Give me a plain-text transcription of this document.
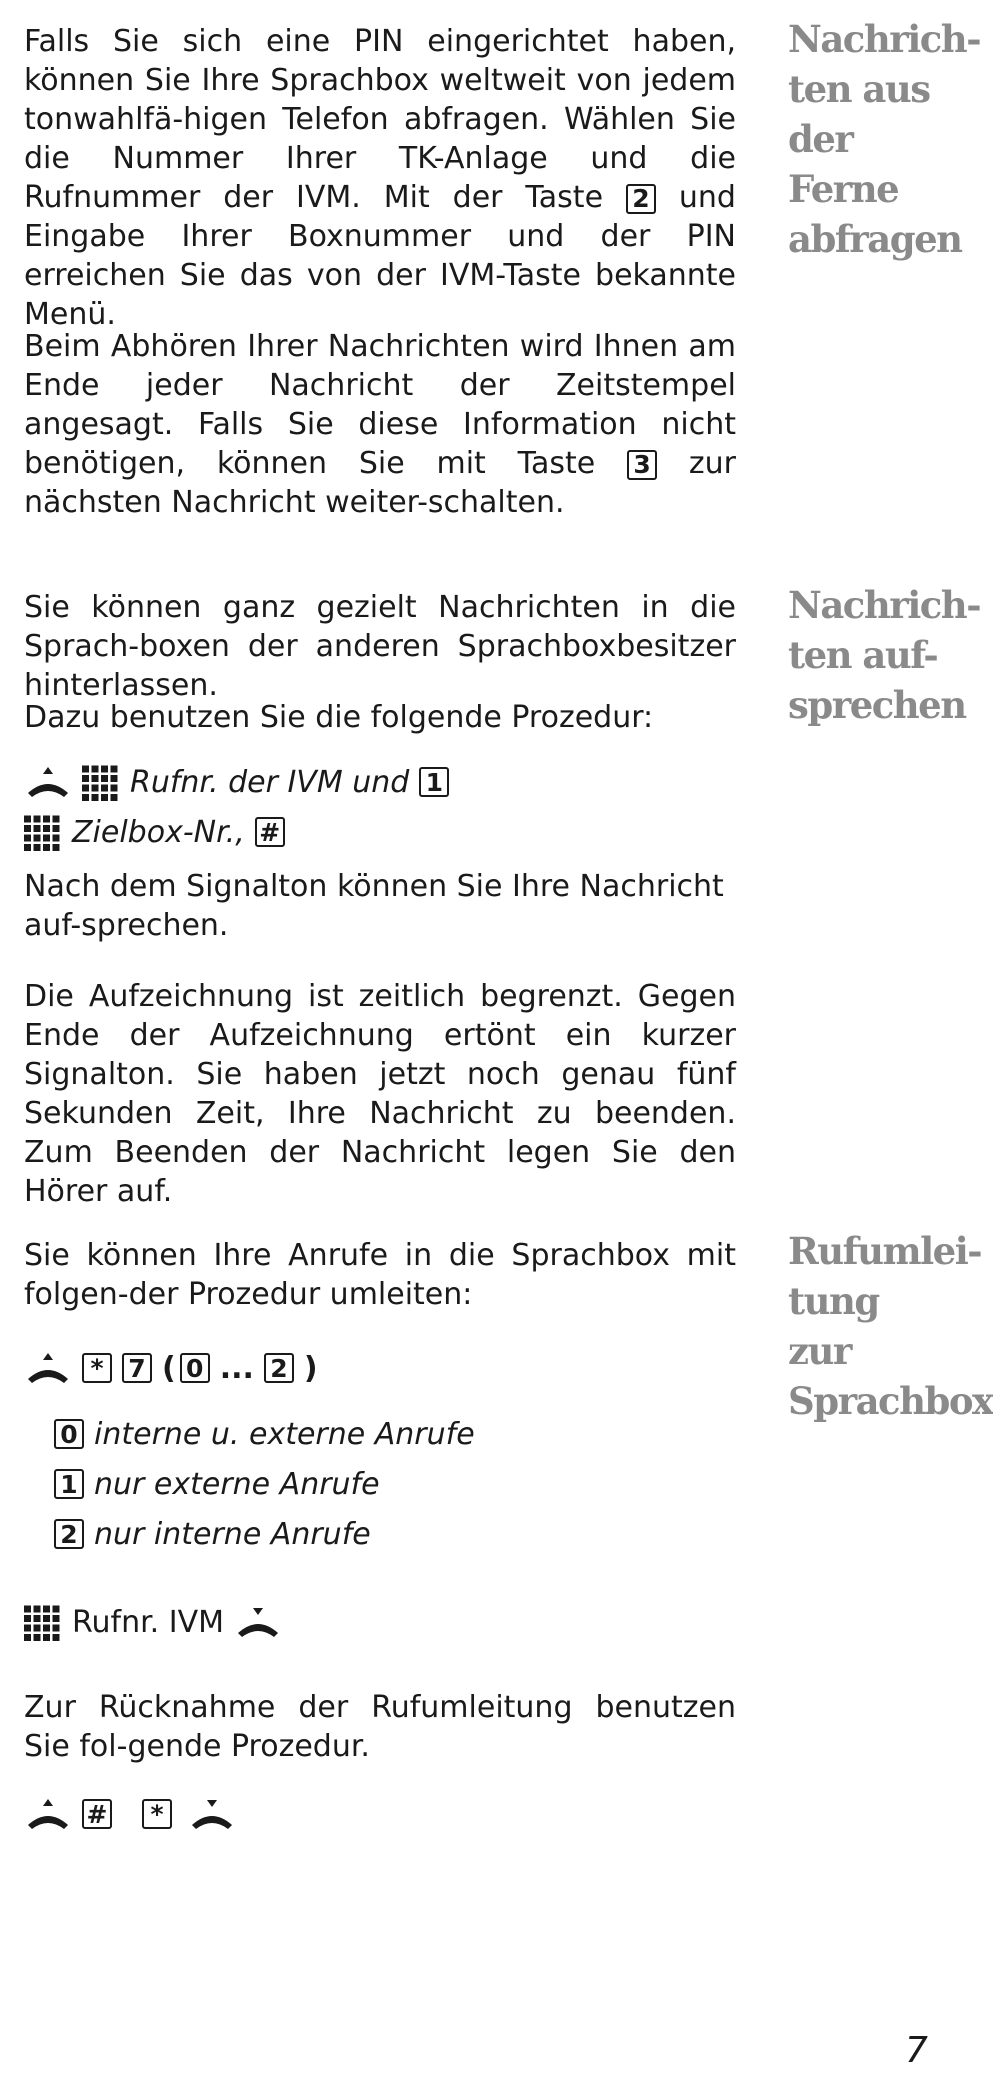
Nachrich-
ten aus
der Ferne
abfragen

Falls Sie sich eine PIN eingerichtet haben, können Sie Ihre Sprachbox weltweit von jedem tonwahlfä-higen Telefon abfragen. Wählen Sie die Nummer Ihrer TK-Anlage und die Rufnummer der IVM. Mit der Taste 2 und Eingabe Ihrer Boxnummer und der PIN erreichen Sie das von der IVM-Taste bekannte Menü.

Beim Abhören Ihrer Nachrichten wird Ihnen am Ende jeder Nachricht der Zeitstempel angesagt. Falls Sie diese Information nicht benötigen, können Sie mit Taste 3 zur nächsten Nachricht weiter-schalten.

Nachrich-
ten auf-
sprechen

Sie können ganz gezielt Nachrichten in die Sprach-boxen der anderen Sprachboxbesitzer hinterlassen.

Dazu benutzen Sie die folgende Prozedur:

Rufnr. der IVM und 1
Zielbox-Nr., #

Nach dem Signalton können Sie Ihre Nachricht auf-sprechen.

Die Aufzeichnung ist zeitlich begrenzt. Gegen Ende der Aufzeichnung ertönt ein kurzer Signalton. Sie haben jetzt noch genau fünf Sekunden Zeit, Ihre Nachricht zu beenden. Zum Beenden der Nachricht legen Sie den Hörer auf.

Rufumlei-
tung zur
Sprachbox

Sie können Ihre Anrufe in die Sprachbox mit folgen-der Prozedur umleiten:

* 7 ( 0 ... 2 )
0 interne u. externe Anrufe
1 nur externe Anrufe
2 nur interne Anrufe
Rufnr. IVM

Zur Rücknahme der Rufumleitung benutzen Sie fol-gende Prozedur.

#	*
7
